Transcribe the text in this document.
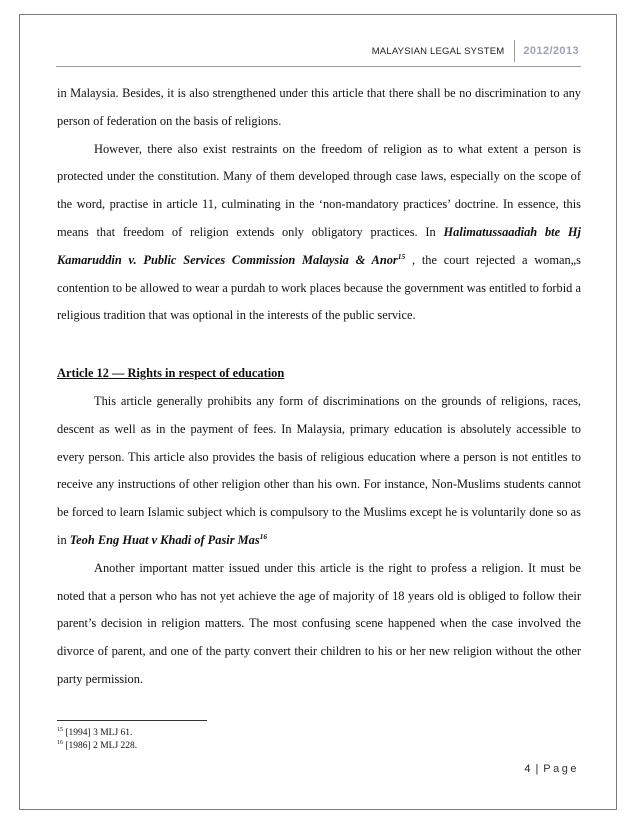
MALAYSIAN LEGAL SYSTEM	2012/2013

in Malaysia. Besides, it is also strengthened under this article that there shall be no discrimination to any person of federation on the basis of religions.

However, there also exist restraints on the freedom of religion as to what extent a person is protected under the constitution. Many of them developed through case laws, especially on the scope of the word, practise in article 11, culminating in the ‘non-mandatory practices’ doctrine. In essence, this means that freedom of religion extends only obligatory practices. In Halimatussaadiah bte Hj Kamaruddin v. Public Services Commission Malaysia & Anor$^{15}$ , the court rejected a woman„s contention to be allowed to wear a purdah to work places because the government was entitled to forbid a religious tradition that was optional in the interests of the public service.

Article 12 — Rights in respect of education

This article generally prohibits any form of discriminations on the grounds of religions, races, descent as well as in the payment of fees. In Malaysia, primary education is absolutely accessible to every person. This article also provides the basis of religious education where a person is not entitles to receive any instructions of other religion other than his own. For instance, Non-Muslims students cannot be forced to learn Islamic subject which is compulsory to the Muslims except he is voluntarily done so as in Teoh Eng Huat v Khadi of Pasir Mas$^{16}$

Another important matter issued under this article is the right to profess a religion. It must be noted that a person who has not yet achieve the age of majority of 18 years old is obliged to follow their parent’s decision in religion matters. The most confusing scene happened when the case involved the divorce of parent, and one of the party convert their children to his or her new religion without the other party permission.

$^{15}$ [1994] 3 MLJ 61.
$^{16}$ [1986] 2 MLJ 228.
4 | Page
